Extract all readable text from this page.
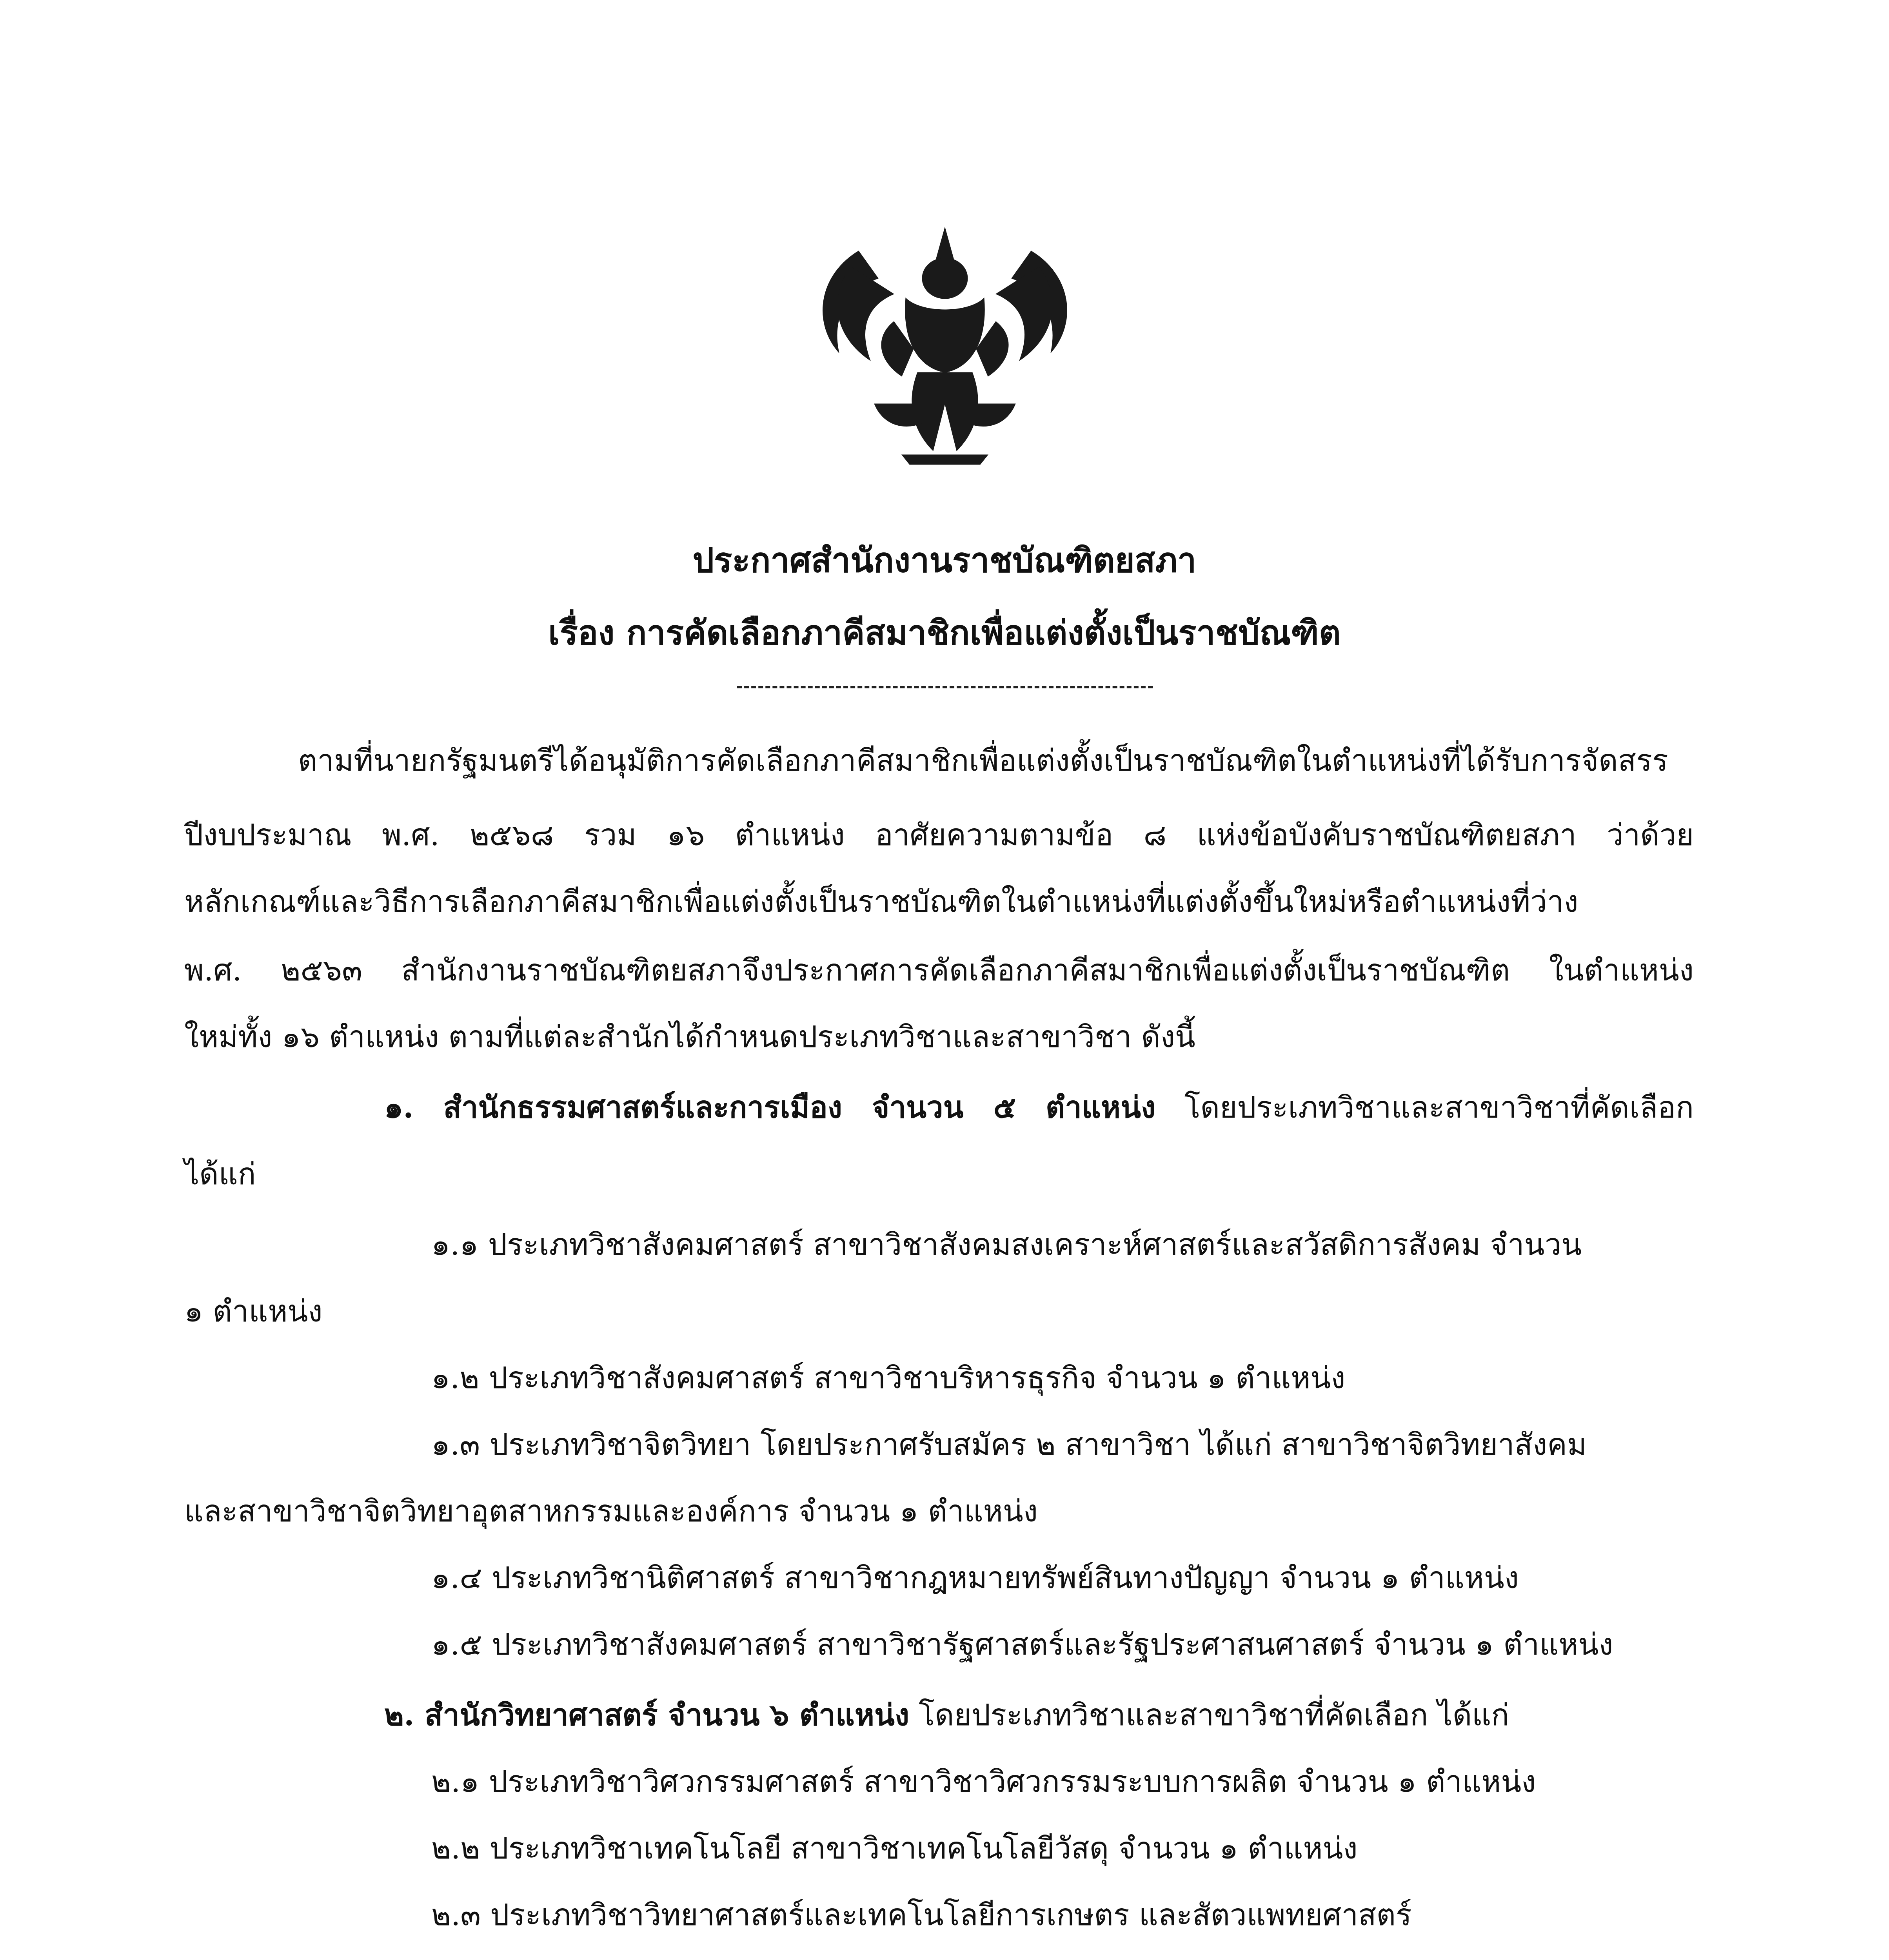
ประกาศสำนักงานราชบัณฑิตยสภา
เรื่อง การคัดเลือกภาคีสมาชิกเพื่อแต่งตั้งเป็นราชบัณฑิต
ตามที่นายกรัฐมนตรีได้อนุมัติการคัดเลือกภาคีสมาชิกเพื่อแต่งตั้งเป็นราชบัณฑิตในตำแหน่งที่ได้รับการจัดสรร
ปีงบประมาณ พ.ศ. ๒๕๖๘ รวม ๑๖ ตำแหน่ง อาศัยความตามข้อ ๘ แห่งข้อบังคับราชบัณฑิตยสภา ว่าด้วย
หลักเกณฑ์และวิธีการเลือกภาคีสมาชิกเพื่อแต่งตั้งเป็นราชบัณฑิตในตำแหน่งที่แต่งตั้งขึ้นใหม่หรือตำแหน่งที่ว่าง
พ.ศ. ๒๕๖๓ สำนักงานราชบัณฑิตยสภาจึงประกาศการคัดเลือกภาคีสมาชิกเพื่อแต่งตั้งเป็นราชบัณฑิต ในตำแหน่ง
ใหม่ทั้ง ๑๖ ตำแหน่ง ตามที่แต่ละสำนักได้กำหนดประเภทวิชาและสาขาวิชา ดังนี้
๑. สำนักธรรมศาสตร์และการเมือง จำนวน ๕ ตำแหน่ง โดยประเภทวิชาและสาขาวิชาที่คัดเลือก
ได้แก่
๑.๑ ประเภทวิชาสังคมศาสตร์ สาขาวิชาสังคมสงเคราะห์ศาสตร์และสวัสดิการสังคม จำนวน
๑ ตำแหน่ง
๑.๒ ประเภทวิชาสังคมศาสตร์ สาขาวิชาบริหารธุรกิจ จำนวน ๑ ตำแหน่ง
๑.๓ ประเภทวิชาจิตวิทยา โดยประกาศรับสมัคร ๒ สาขาวิชา ได้แก่ สาขาวิชาจิตวิทยาสังคม
และสาขาวิชาจิตวิทยาอุตสาหกรรมและองค์การ จำนวน ๑ ตำแหน่ง
๑.๔ ประเภทวิชานิติศาสตร์ สาขาวิชากฎหมายทรัพย์สินทางปัญญา จำนวน ๑ ตำแหน่ง
๑.๕ ประเภทวิชาสังคมศาสตร์ สาขาวิชารัฐศาสตร์และรัฐประศาสนศาสตร์ จำนวน ๑ ตำแหน่ง
๒. สำนักวิทยาศาสตร์ จำนวน ๖ ตำแหน่ง โดยประเภทวิชาและสาขาวิชาที่คัดเลือก ได้แก่
๒.๑ ประเภทวิชาวิศวกรรมศาสตร์ สาขาวิชาวิศวกรรมระบบการผลิต จำนวน ๑ ตำแหน่ง
๒.๒ ประเภทวิชาเทคโนโลยี สาขาวิชาเทคโนโลยีวัสดุ จำนวน ๑ ตำแหน่ง
๒.๓ ประเภทวิชาวิทยาศาสตร์และเทคโนโลยีการเกษตร และสัตวแพทยศาสตร์
